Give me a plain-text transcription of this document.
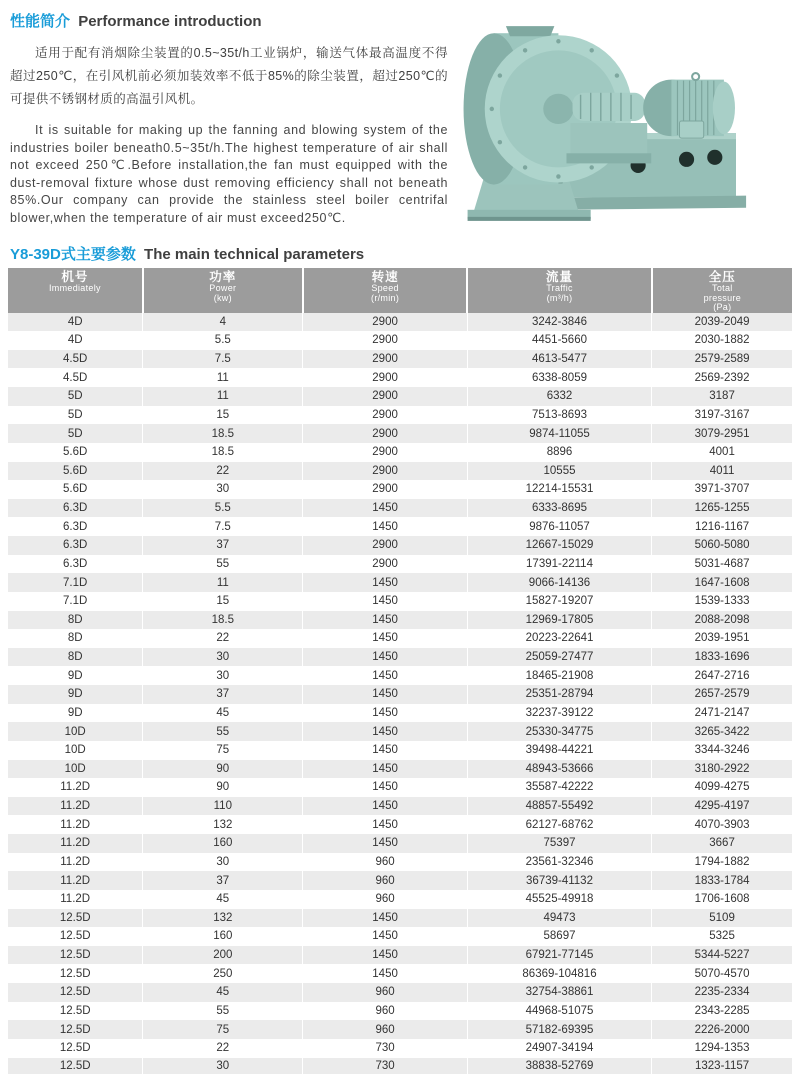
性能简介 Performance introduction

适用于配有消烟除尘装置的0.5~35t/h工业锅炉，输送气体最高温度不得超过250℃，在引风机前必须加装效率不低于85%的除尘装置，超过250℃的可提供不锈钢材质的高温引风机。

It is suitable for making up the fanning and blowing system of the industries boiler beneath0.5~35t/h.The highest temperature of air shall not exceed 250℃.Before installation,the fan must equipped with the dust-removal fixture whose dust removing efficiency shall not beneath 85%.Our company can provide the stainless steel boiler centrifal blower,when the temperature of air must exceed250℃.

Y8-39D式主要参数 The main technical parameters
机号
Immediately

功率
Power
(kw)

转速
Speed
(r/min)

流量
Traffic
(m³/h)

全压
Total
pressure
(Pa)

4D	4	2900	3242-3846	2039-2049
4D	5.5	2900	4451-5660	2030-1882
4.5D	7.5	2900	4613-5477	2579-2589
4.5D	11	2900	6338-8059	2569-2392
5D	11	2900	6332	3187
5D	15	2900	7513-8693	3197-3167
5D	18.5	2900	9874-11055	3079-2951
5.6D	18.5	2900	8896	4001
5.6D	22	2900	10555	4011
5.6D	30	2900	12214-15531	3971-3707
6.3D	5.5	1450	6333-8695	1265-1255
6.3D	7.5	1450	9876-11057	1216-1167
6.3D	37	2900	12667-15029	5060-5080
6.3D	55	2900	17391-22114	5031-4687
7.1D	11	1450	9066-14136	1647-1608
7.1D	15	1450	15827-19207	1539-1333
8D	18.5	1450	12969-17805	2088-2098
8D	22	1450	20223-22641	2039-1951
8D	30	1450	25059-27477	1833-1696
9D	30	1450	18465-21908	2647-2716
9D	37	1450	25351-28794	2657-2579
9D	45	1450	32237-39122	2471-2147
10D	55	1450	25330-34775	3265-3422
10D	75	1450	39498-44221	3344-3246
10D	90	1450	48943-53666	3180-2922
11.2D	90	1450	35587-42222	4099-4275
11.2D	110	1450	48857-55492	4295-4197
11.2D	132	1450	62127-68762	4070-3903
11.2D	160	1450	75397	3667
11.2D	30	960	23561-32346	1794-1882
11.2D	37	960	36739-41132	1833-1784
11.2D	45	960	45525-49918	1706-1608
12.5D	132	1450	49473	5109
12.5D	160	1450	58697	5325
12.5D	200	1450	67921-77145	5344-5227
12.5D	250	1450	86369-104816	5070-4570
12.5D	45	960	32754-38861	2235-2334
12.5D	55	960	44968-51075	2343-2285
12.5D	75	960	57182-69395	2226-2000
12.5D	22	730	24907-34194	1294-1353
12.5D	30	730	38838-52769	1323-1157
